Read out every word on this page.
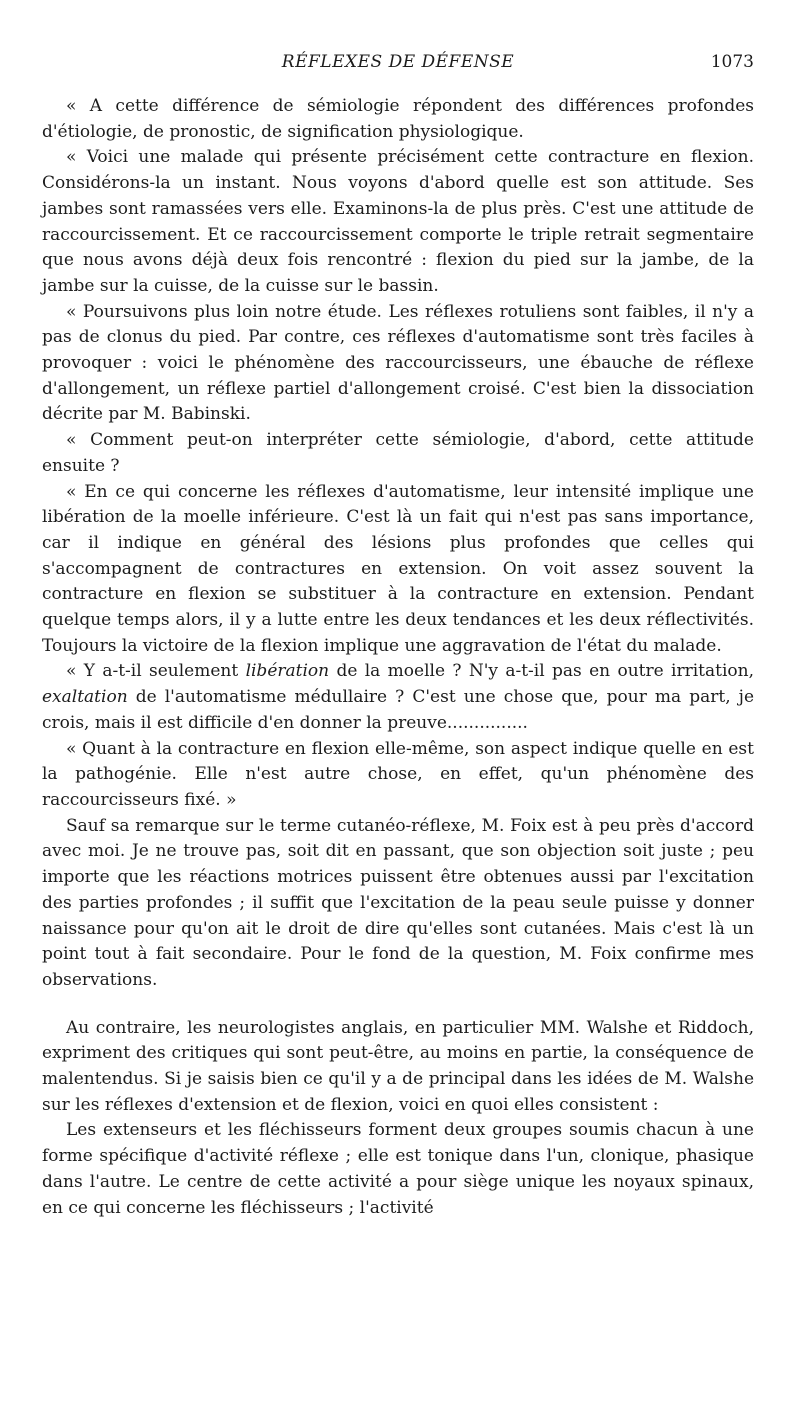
RÉFLEXES DE DÉFENSE	1073

« A cette différence de sémiologie répondent des différences profondes d'étiologie, de pronostic, de signification physiologique.

« Voici une malade qui présente précisément cette contracture en flexion. Considérons-la un instant. Nous voyons d'abord quelle est son attitude. Ses jambes sont ramassées vers elle. Examinons-la de plus près. C'est une attitude de raccourcissement. Et ce raccourcissement comporte le triple retrait segmentaire que nous avons déjà deux fois rencontré : flexion du pied sur la jambe, de la jambe sur la cuisse, de la cuisse sur le bassin.

« Poursuivons plus loin notre étude. Les réflexes rotuliens sont faibles, il n'y a pas de clonus du pied. Par contre, ces réflexes d'automatisme sont très faciles à provoquer : voici le phénomène des raccourcisseurs, une ébauche de réflexe d'allongement, un réflexe partiel d'allongement croisé. C'est bien la dissociation décrite par M. Babinski.

« Comment peut-on interpréter cette sémiologie, d'abord, cette attitude ensuite ?

« En ce qui concerne les réflexes d'automatisme, leur intensité implique une libération de la moelle inférieure. C'est là un fait qui n'est pas sans importance, car il indique en général des lésions plus profondes que celles qui s'accompagnent de contractures en extension. On voit assez souvent la contracture en flexion se substituer à la contracture en extension. Pendant quelque temps alors, il y a lutte entre les deux tendances et les deux réflectivités. Toujours la victoire de la flexion implique une aggravation de l'état du malade.

« Y a-t-il seulement libération de la moelle ? N'y a-t-il pas en outre irritation, exaltation de l'automatisme médullaire ? C'est une chose que, pour ma part, je crois, mais il est difficile d'en donner la preuve...............

« Quant à la contracture en flexion elle-même, son aspect indique quelle en est la pathogénie. Elle n'est autre chose, en effet, qu'un phénomène des raccourcisseurs fixé. »

Sauf sa remarque sur le terme cutanéo-réflexe, M. Foix est à peu près d'accord avec moi. Je ne trouve pas, soit dit en passant, que son objection soit juste ; peu importe que les réactions motrices puissent être obtenues aussi par l'excitation des parties profondes ; il suffit que l'excitation de la peau seule puisse y donner naissance pour qu'on ait le droit de dire qu'elles sont cutanées. Mais c'est là un point tout à fait secondaire. Pour le fond de la question, M. Foix confirme mes observations.

Au contraire, les neurologistes anglais, en particulier MM. Walshe et Riddoch, expriment des critiques qui sont peut-être, au moins en partie, la conséquence de malentendus. Si je saisis bien ce qu'il y a de principal dans les idées de M. Walshe sur les réflexes d'extension et de flexion, voici en quoi elles consistent :

Les extenseurs et les fléchisseurs forment deux groupes soumis chacun à une forme spécifique d'activité réflexe ; elle est tonique dans l'un, clonique, phasique dans l'autre. Le centre de cette activité a pour siège unique les noyaux spinaux, en ce qui concerne les fléchisseurs ; l'activité
